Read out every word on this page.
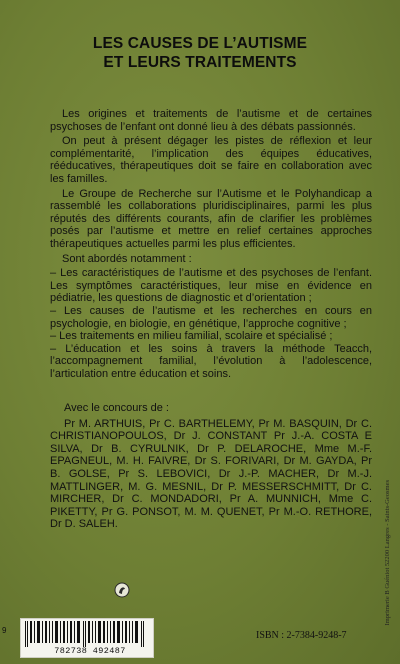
LES CAUSES DE L’AUTISME
ET LEURS TRAITEMENTS

Les origines et traitements de l’autisme et de certaines psychoses de l’enfant ont donné lieu à des débats passionnés.

On peut à présent dégager les pistes de réflexion et leur complémentarité, l’implication des équipes éducatives, rééducatives, thérapeutiques doit se faire en collaboration avec les familles.

Le Groupe de Recherche sur l’Autisme et le Polyhandicap a rassemblé les collaborations pluridisciplinaires, parmi les plus réputés des différents courants, afin de clarifier les problèmes posés par l’autisme et mettre en relief certaines approches thérapeutiques actuelles parmi les plus efficientes.

Sont abordés notamment :

– Les caractéristiques de l’autisme et des psychoses de l’enfant. Les symptômes caractéristiques, leur mise en évidence en pédiatrie, les questions de diagnostic et d’orientation ;

– Les causes de l’autisme et les recherches en cours en psychologie, en biologie, en génétique, l’approche cognitive ;

– Les traitements en milieu familial, scolaire et spécialisé ;

– L’éducation et les soins à travers la méthode Teacch, l’accompagnement familial, l’évolution à l’adolescence, l’articulation entre éducation et soins.

Avec le concours de :
Pr M. ARTHUIS, Pr C. BARTHELEMY, Pr M. BASQUIN, Dr C. CHRISTIANOPOULOS, Dr J. CONSTANT Pr J.-A. COSTA E SILVA, Dr B. CYRULNIK, Dr P. DELAROCHE, Mme M.-F. EPAGNEUL, M. H. FAIVRE, Dr S. FORIVARI, Dr M. GAYDA, Pr B. GOLSE, Pr S. LEBOVICI, Dr J.-P. MACHER, Dr M.-J. MATTLINGER, M. G. MESNIL, Dr P. MESSERSCHMITT, Dr C. MIRCHER, Dr C. MONDADORI, Pr A. MUNNICH, Mme C. PIKETTY, Pr G. PONSOT, M. M. QUENET, Pr M.-O. RETHORE, Dr D. SALEH.	Imprimerie B Guéniot 52200 Langres - Saints-Geosmes
9
782738 492487
ISBN : 2-7384-9248-7
